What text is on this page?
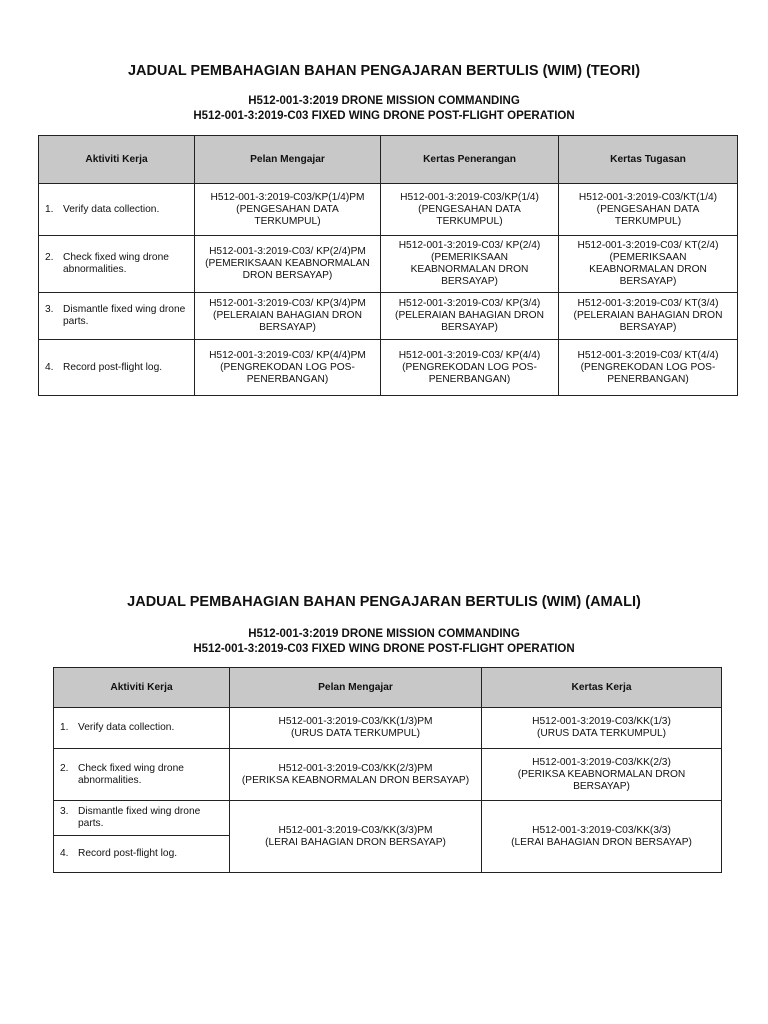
JADUAL PEMBAHAGIAN BAHAN PENGAJARAN BERTULIS (WIM) (TEORI)
H512-001-3:2019 DRONE MISSION COMMANDING
H512-001-3:2019-C03 FIXED WING DRONE POST-FLIGHT OPERATION
Aktiviti Kerja	Pelan Mengajar	Kertas Penerangan	Kertas Tugasan

1. Verify data collection.	H512-001-3:2019-C03/KP(1/4)PM
(PENGESAHAN DATA
TERKUMPUL)	H512-001-3:2019-C03/KP(1/4)
(PENGESAHAN DATA
TERKUMPUL)	H512-001-3:2019-C03/KT(1/4)
(PENGESAHAN DATA
TERKUMPUL)

2. Check fixed wing drone abnormalities.	H512-001-3:2019-C03/ KP(2/4)PM
(PEMERIKSAAN KEABNORMALAN
DRON BERSAYAP)	H512-001-3:2019-C03/ KP(2/4)
(PEMERIKSAAN
KEABNORMALAN DRON
BERSAYAP)	H512-001-3:2019-C03/ KT(2/4)
(PEMERIKSAAN
KEABNORMALAN DRON
BERSAYAP)

3. Dismantle fixed wing drone parts.	H512-001-3:2019-C03/ KP(3/4)PM
(PELERAIAN BAHAGIAN DRON
BERSAYAP)	H512-001-3:2019-C03/ KP(3/4)
(PELERAIAN BAHAGIAN DRON
BERSAYAP)	H512-001-3:2019-C03/ KT(3/4)
(PELERAIAN BAHAGIAN DRON
BERSAYAP)

4. Record post-flight log.	H512-001-3:2019-C03/ KP(4/4)PM
(PENGREKODAN LOG POS-
PENERBANGAN)	H512-001-3:2019-C03/ KP(4/4)
(PENGREKODAN LOG POS-
PENERBANGAN)	H512-001-3:2019-C03/ KT(4/4)
(PENGREKODAN LOG POS-
PENERBANGAN)
JADUAL PEMBAHAGIAN BAHAN PENGAJARAN BERTULIS (WIM) (AMALI)
H512-001-3:2019 DRONE MISSION COMMANDING
H512-001-3:2019-C03 FIXED WING DRONE POST-FLIGHT OPERATION
Aktiviti Kerja	Pelan Mengajar	Kertas Kerja

1. Verify data collection.	H512-001-3:2019-C03/KK(1/3)PM
(URUS DATA TERKUMPUL)	H512-001-3:2019-C03/KK(1/3)
(URUS DATA TERKUMPUL)

2. Check fixed wing drone abnormalities.	H512-001-3:2019-C03/KK(2/3)PM
(PERIKSA KEABNORMALAN DRON BERSAYAP)	H512-001-3:2019-C03/KK(2/3)
(PERIKSA KEABNORMALAN DRON
BERSAYAP)

3. Dismantle fixed wing drone parts.	H512-001-3:2019-C03/KK(3/3)PM
(LERAI BAHAGIAN DRON BERSAYAP)	H512-001-3:2019-C03/KK(3/3)
(LERAI BAHAGIAN DRON BERSAYAP)

4. Record post-flight log.		
